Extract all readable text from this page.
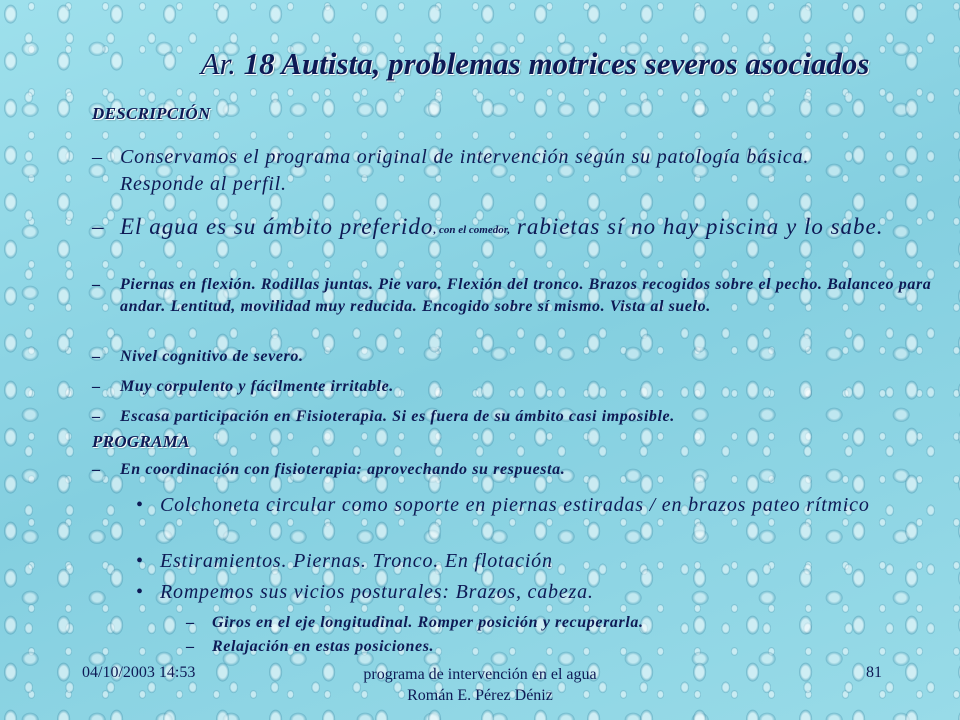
Ar. 18 Autista, problemas motrices severos asociados
DESCRIPCIÓN
– Conservamos el programa original de intervención según su patología básica.
Responde al perfil.
– El agua es su ámbito preferido, con el comedor, rabietas sí no hay piscina y lo sabe.
– Piernas en flexión. Rodillas juntas. Pie varo. Flexión del tronco. Brazos recogidos sobre el pecho. Balanceo para andar. Lentitud, movilidad muy reducida. Encogido sobre sí mismo. Vista al suelo.
– Nivel cognitivo de severo.
– Muy corpulento y fácilmente irritable.
– Escasa participación en Fisioterapia. Si es fuera de su ámbito casi imposible.
PROGRAMA
– En coordinación con fisioterapia: aprovechando su respuesta.
• Colchoneta circular como soporte en piernas estiradas / en brazos pateo rítmico
• Estiramientos. Piernas. Tronco. En flotación
• Rompemos sus vicios posturales: Brazos, cabeza.
– Giros en el eje longitudinal. Romper posición y recuperarla.
– Relajación en estas posiciones.
04/10/2003 14:53	programa de intervención en el agua
Román E. Pérez Déniz
81
